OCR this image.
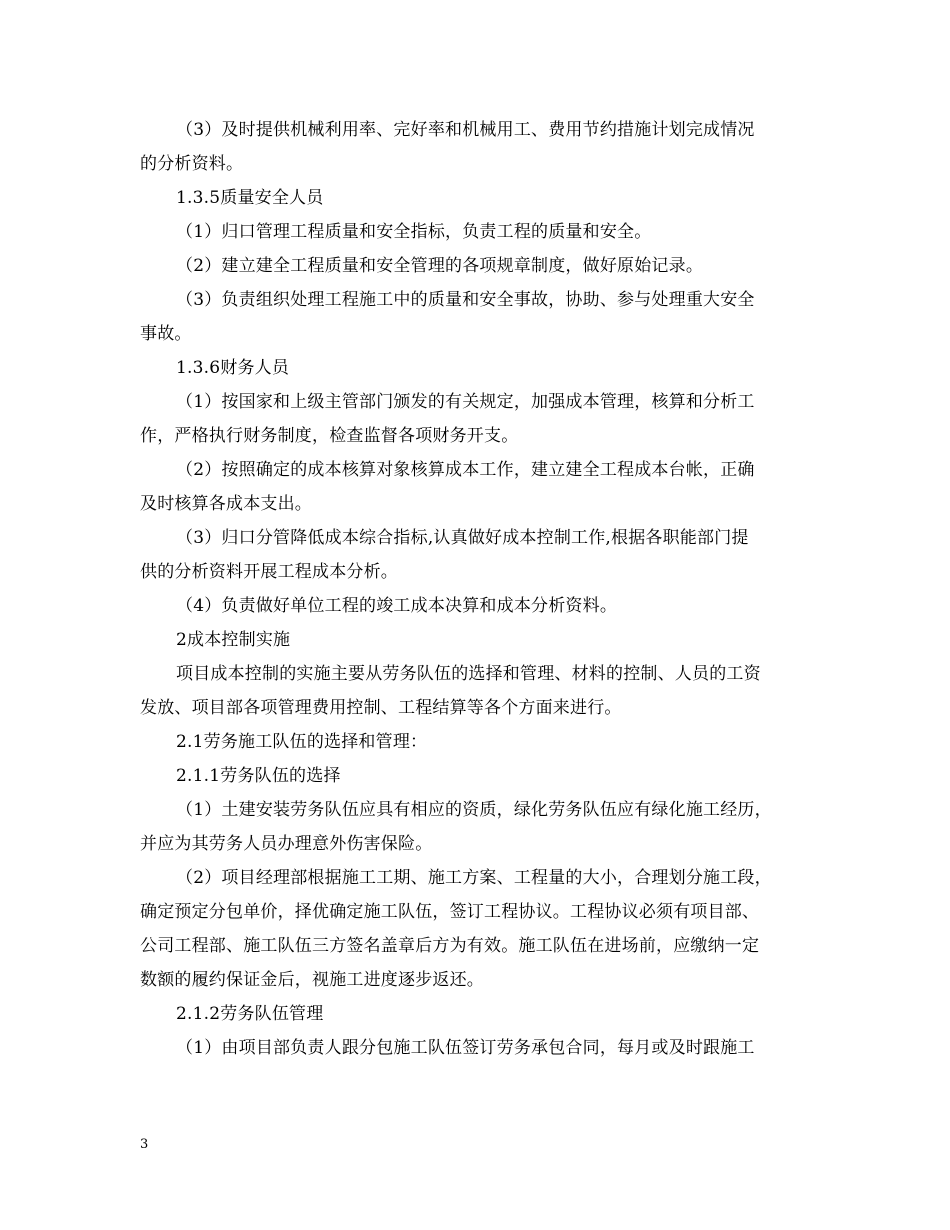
（3）及时提供机械利用率、完好率和机械用工、费用节约措施计划完成情况
的分析资料。
1.3.5质量安全人员
（1）归口管理工程质量和安全指标，负责工程的质量和安全。
（2）建立建全工程质量和安全管理的各项规章制度，做好原始记录。
（3）负责组织处理工程施工中的质量和安全事故，协助、参与处理重大安全
事故。
1.3.6财务人员
（1）按国家和上级主管部门颁发的有关规定，加强成本管理，核算和分析工
作，严格执行财务制度，检查监督各项财务开支。
（2）按照确定的成本核算对象核算成本工作，建立建全工程成本台帐，正确
及时核算各成本支出。
（3）归口分管降低成本综合指标,认真做好成本控制工作,根据各职能部门提
供的分析资料开展工程成本分析。
（4）负责做好单位工程的竣工成本决算和成本分析资料。
2成本控制实施
项目成本控制的实施主要从劳务队伍的选择和管理、材料的控制、人员的工资
发放、项目部各项管理费用控制、工程结算等各个方面来进行。
2.1劳务施工队伍的选择和管理：
2.1.1劳务队伍的选择
（1）土建安装劳务队伍应具有相应的资质，绿化劳务队伍应有绿化施工经历，
并应为其劳务人员办理意外伤害保险。
（2）项目经理部根据施工工期、施工方案、工程量的大小，合理划分施工段，
确定预定分包单价，择优确定施工队伍，签订工程协议。工程协议必须有项目部、
公司工程部、施工队伍三方签名盖章后方为有效。施工队伍在进场前，应缴纳一定
数额的履约保证金后，视施工进度逐步返还。
2.1.2劳务队伍管理
（1）由项目部负责人跟分包施工队伍签订劳务承包合同，每月或及时跟施工
3
